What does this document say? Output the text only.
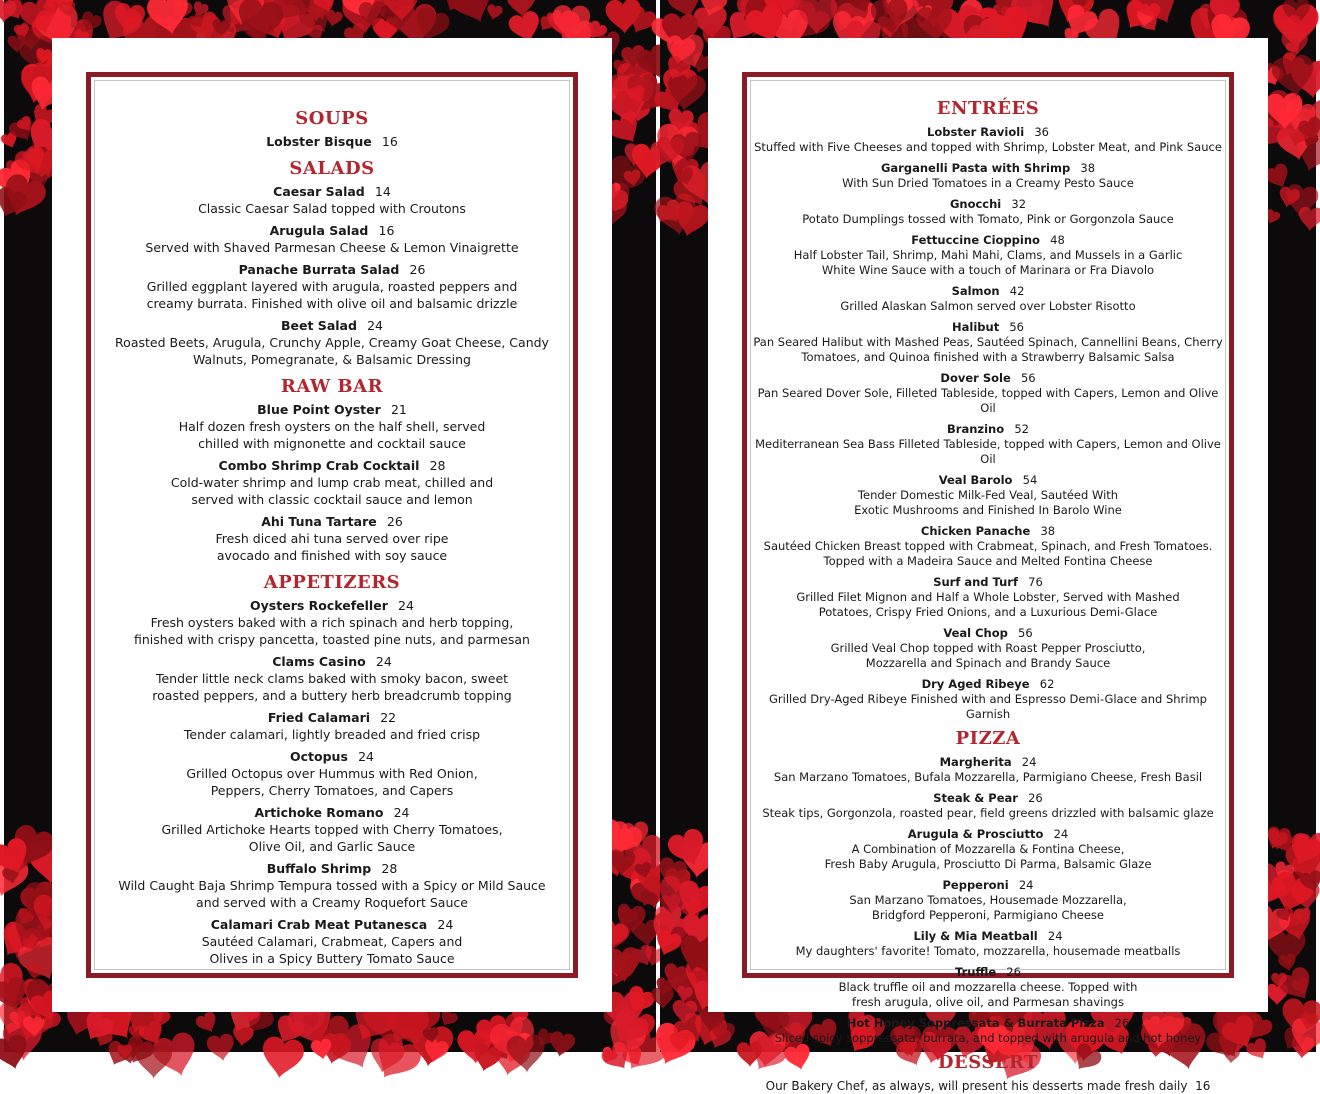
SOUPS
Lobster Bisque 16
SALADS
Caesar Salad 14
Classic Caesar Salad topped with Croutons
Arugula Salad 16
Served with Shaved Parmesan Cheese & Lemon Vinaigrette
Panache Burrata Salad 26
Grilled eggplant layered with arugula, roasted peppers and
creamy burrata. Finished with olive oil and balsamic drizzle
Beet Salad 24
Roasted Beets, Arugula, Crunchy Apple, Creamy Goat Cheese, Candy
Walnuts, Pomegranate, & Balsamic Dressing
RAW BAR
Blue Point Oyster 21
Half dozen fresh oysters on the half shell, served
chilled with mignonette and cocktail sauce
Combo Shrimp Crab Cocktail 28
Cold-water shrimp and lump crab meat, chilled and
served with classic cocktail sauce and lemon
Ahi Tuna Tartare 26
Fresh diced ahi tuna served over ripe
avocado and finished with soy sauce
APPETIZERS
Oysters Rockefeller 24
Fresh oysters baked with a rich spinach and herb topping,
finished with crispy pancetta, toasted pine nuts, and parmesan
Clams Casino 24
Tender little neck clams baked with smoky bacon, sweet
roasted peppers, and a buttery herb breadcrumb topping
Fried Calamari 22
Tender calamari, lightly breaded and fried crisp
Octopus 24
Grilled Octopus over Hummus with Red Onion,
Peppers, Cherry Tomatoes, and Capers
Artichoke Romano 24
Grilled Artichoke Hearts topped with Cherry Tomatoes,
Olive Oil, and Garlic Sauce
Buffalo Shrimp 28
Wild Caught Baja Shrimp Tempura tossed with a Spicy or Mild Sauce
and served with a Creamy Roquefort Sauce
Calamari Crab Meat Putanesca 24
Sautéed Calamari, Crabmeat, Capers and
Olives in a Spicy Buttery Tomato Sauce
ENTRÉES
Lobster Ravioli 36
Stuffed with Five Cheeses and topped with Shrimp, Lobster Meat, and Pink Sauce
Garganelli Pasta with Shrimp 38
With Sun Dried Tomatoes in a Creamy Pesto Sauce
Gnocchi 32
Potato Dumplings tossed with Tomato, Pink or Gorgonzola Sauce
Fettuccine Cioppino 48
Half Lobster Tail, Shrimp, Mahi Mahi, Clams, and Mussels in a Garlic
White Wine Sauce with a touch of Marinara or Fra Diavolo
Salmon 42
Grilled Alaskan Salmon served over Lobster Risotto
Halibut 56
Pan Seared Halibut with Mashed Peas, Sautéed Spinach, Cannellini Beans, Cherry
Tomatoes, and Quinoa finished with a Strawberry Balsamic Salsa
Dover Sole 56
Pan Seared Dover Sole, Filleted Tableside, topped with Capers, Lemon and Olive Oil
Branzino 52
Mediterranean Sea Bass Filleted Tableside, topped with Capers, Lemon and Olive Oil
Veal Barolo 54
Tender Domestic Milk-Fed Veal, Sautéed With
Exotic Mushrooms and Finished In Barolo Wine
Chicken Panache 38
Sautéed Chicken Breast topped with Crabmeat, Spinach, and Fresh Tomatoes.
Topped with a Madeira Sauce and Melted Fontina Cheese
Surf and Turf 76
Grilled Filet Mignon and Half a Whole Lobster, Served with Mashed
Potatoes, Crispy Fried Onions, and a Luxurious Demi-Glace
Veal Chop 56
Grilled Veal Chop topped with Roast Pepper Prosciutto,
Mozzarella and Spinach and Brandy Sauce
Dry Aged Ribeye 62
Grilled Dry-Aged Ribeye Finished with and Espresso Demi-Glace and Shrimp Garnish
PIZZA
Margherita 24
San Marzano Tomatoes, Bufala Mozzarella, Parmigiano Cheese, Fresh Basil
Steak & Pear 26
Steak tips, Gorgonzola, roasted pear, field greens drizzled with balsamic glaze
Arugula & Prosciutto 24
A Combination of Mozzarella & Fontina Cheese,
Fresh Baby Arugula, Prosciutto Di Parma, Balsamic Glaze
Pepperoni 24
San Marzano Tomatoes, Housemade Mozzarella,
Bridgford Pepperoni, Parmigiano Cheese
Lily & Mia Meatball 24
My daughters' favorite! Tomato, mozzarella, housemade meatballs
Truffle 26
Black truffle oil and mozzarella cheese. Topped with
fresh arugula, olive oil, and Parmesan shavings
Hot Honey Soppressata & Burrata Pizza 26
Sliced spicy soppressata, burrata, and topped with arugula and hot honey
DESSERT
Our Bakery Chef, as always, will present his desserts made fresh daily 16
